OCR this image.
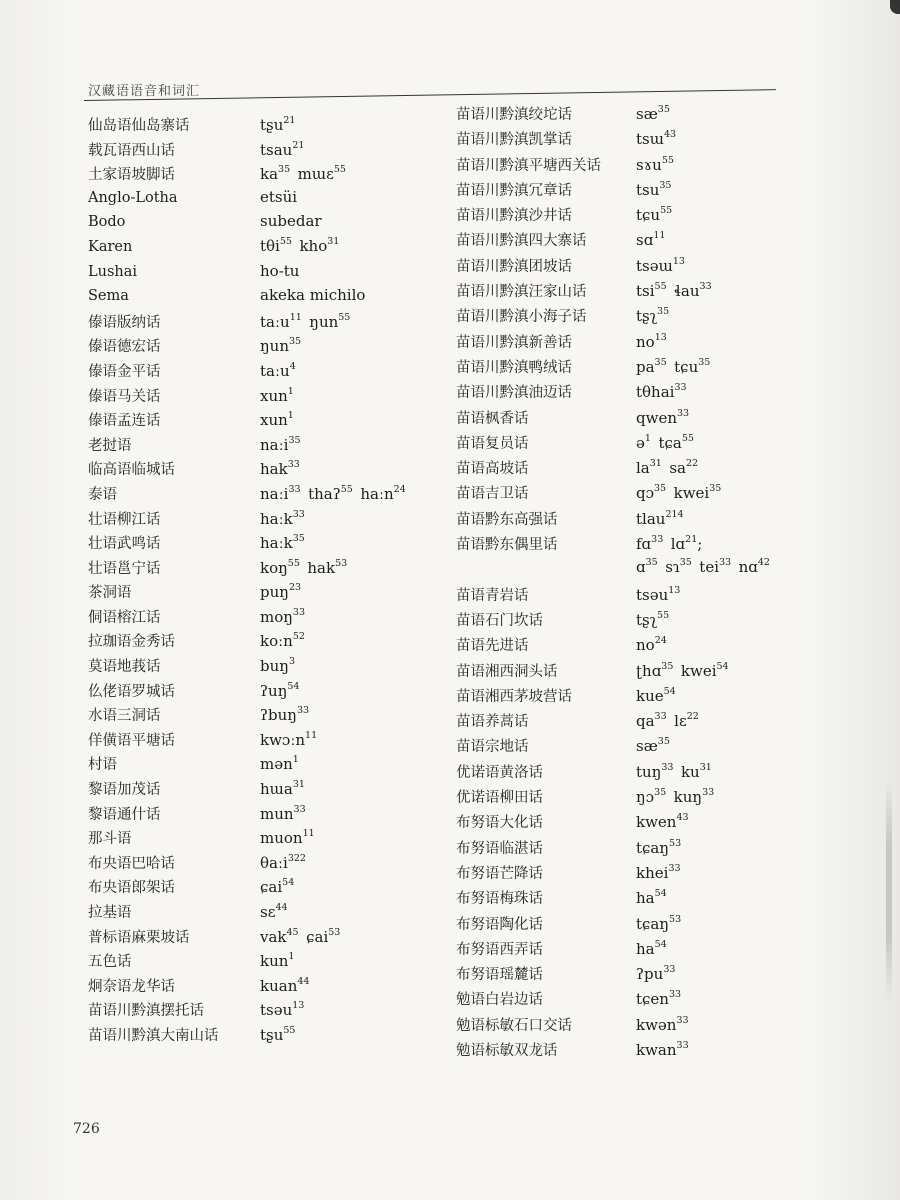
汉藏语语音和词汇
仙岛语仙岛寨话	tʂu$^{21}$
载瓦语西山话	tsau$^{21}$
土家语坡脚话	$ka^{35}$  mɯɛ$^{55}$
Anglo-Lotha	etsüi
Bodo	subedar
Karen	tθi$^{55}$  kho$^{31}$
Lushai	ho-tu
Sema	akeka michilo
傣语版纳话	taːu$^{11}$  ŋun$^{55}$
傣语德宏话	ŋun$^{35}$
傣语金平话	taːu$^4$
傣语马关话	xun$^1$
傣语孟连话	xun$^1$
老挝语	naːi$^{35}$
临高语临城话	hak$^{33}$
泰语	naːi$^{33}$  thaʔ$^{55}$  haːn$^{24}$
壮语柳江话	haːk$^{33}$
壮语武鸣话	haːk$^{35}$
壮语邕宁话	koŋ$^{55}$  hak$^{53}$
茶洞语	puŋ$^{23}$
侗语榕江话	moŋ$^{33}$
拉珈语金秀话	koːn$^{52}$
莫语地莪话	buŋ$^3$
仫佬语罗城话	ʔuŋ$^{54}$
水语三洞话	ʔbuŋ$^{33}$
佯僙语平塘话	kwɔːn$^{11}$
村语	mən$^1$
黎语加茂话	hɯa$^{31}$
黎语通什话	mun$^{33}$
那斗语	muon$^{11}$
布央语巴哈话	θaːi$^{322}$
布央语郎架话	ɕai$^{54}$
拉基语	sɛ$^{44}$
普标语麻栗坡话	vak$^{45}$  ɕai$^{53}$
五色话	kun$^1$
炯奈语龙华话	kuan$^{44}$
苗语川黔滇摆托话	tsəu$^{13}$
苗语川黔滇大南山话	tʂu$^{55}$
苗语川黔滇绞坨话	$sæ^{35}$
苗语川黔滇凯掌话	tsɯ$^{43}$
苗语川黔滇平塘西关话	sɤu$^{55}$
苗语川黔滇冗章话	tsu$^{35}$
苗语川黔滇沙井话	tɕu$^{55}$
苗语川黔滇四大寨话	sɑ$^{11}$
苗语川黔滇团坡话	tsəɯ$^{13}$
苗语川黔滇汪家山话	tsi$^{55}$  ɬau$^{33}$
苗语川黔滇小海子话	tʂʅ$^{35}$
苗语川黔滇新善话	$no^{13}$
苗语川黔滇鸭绒话	$pa^{35}$  tɕu$^{35}$
苗语川黔滇油迈话	tθhai$^{33}$
苗语枫香话	qwen$^{33}$
苗语复员话	ə$^1$  tɕa$^{55}$
苗语高坡话	$la^{31}$  $sa^{22}$
苗语吉卫话	qɔ$^{35}$  kwei$^{35}$
苗语黔东高强话	tlau$^{214}$
苗语黔东偶里话	fɑ$^{33}$  lɑ$^{21}$;
ɑ$^{35}$  sɿ$^{35}$  tei$^{33}$  nɑ$^{42}$
苗语青岩话	tsəu$^{13}$
苗语石门坎话	tʂʅ$^{55}$
苗语先进话	$no^{24}$
苗语湘西洞头话	ʈhɑ$^{35}$  kwei$^{54}$
苗语湘西茅坡营话	kue$^{54}$
苗语养蒿话	$qa^{33}$  lɛ$^{22}$
苗语宗地话	$sæ^{35}$
优诺语黄洛话	tuŋ$^{33}$  $ku^{31}$
优诺语柳田话	ŋɔ$^{35}$  kuŋ$^{33}$
布努语大化话	kwen$^{43}$
布努语临湛话	tɕaŋ$^{53}$
布努语芒降话	khei$^{33}$
布努语梅珠话	$ha^{54}$
布努语陶化话	tɕaŋ$^{53}$
布努语西弄话	$ha^{54}$
布努语瑶麓话	ʔpu$^{33}$
勉语白岩边话	tɕen$^{33}$
勉语标敏石口交话	kwən$^{33}$
勉语标敏双龙话	kwan$^{33}$
726
